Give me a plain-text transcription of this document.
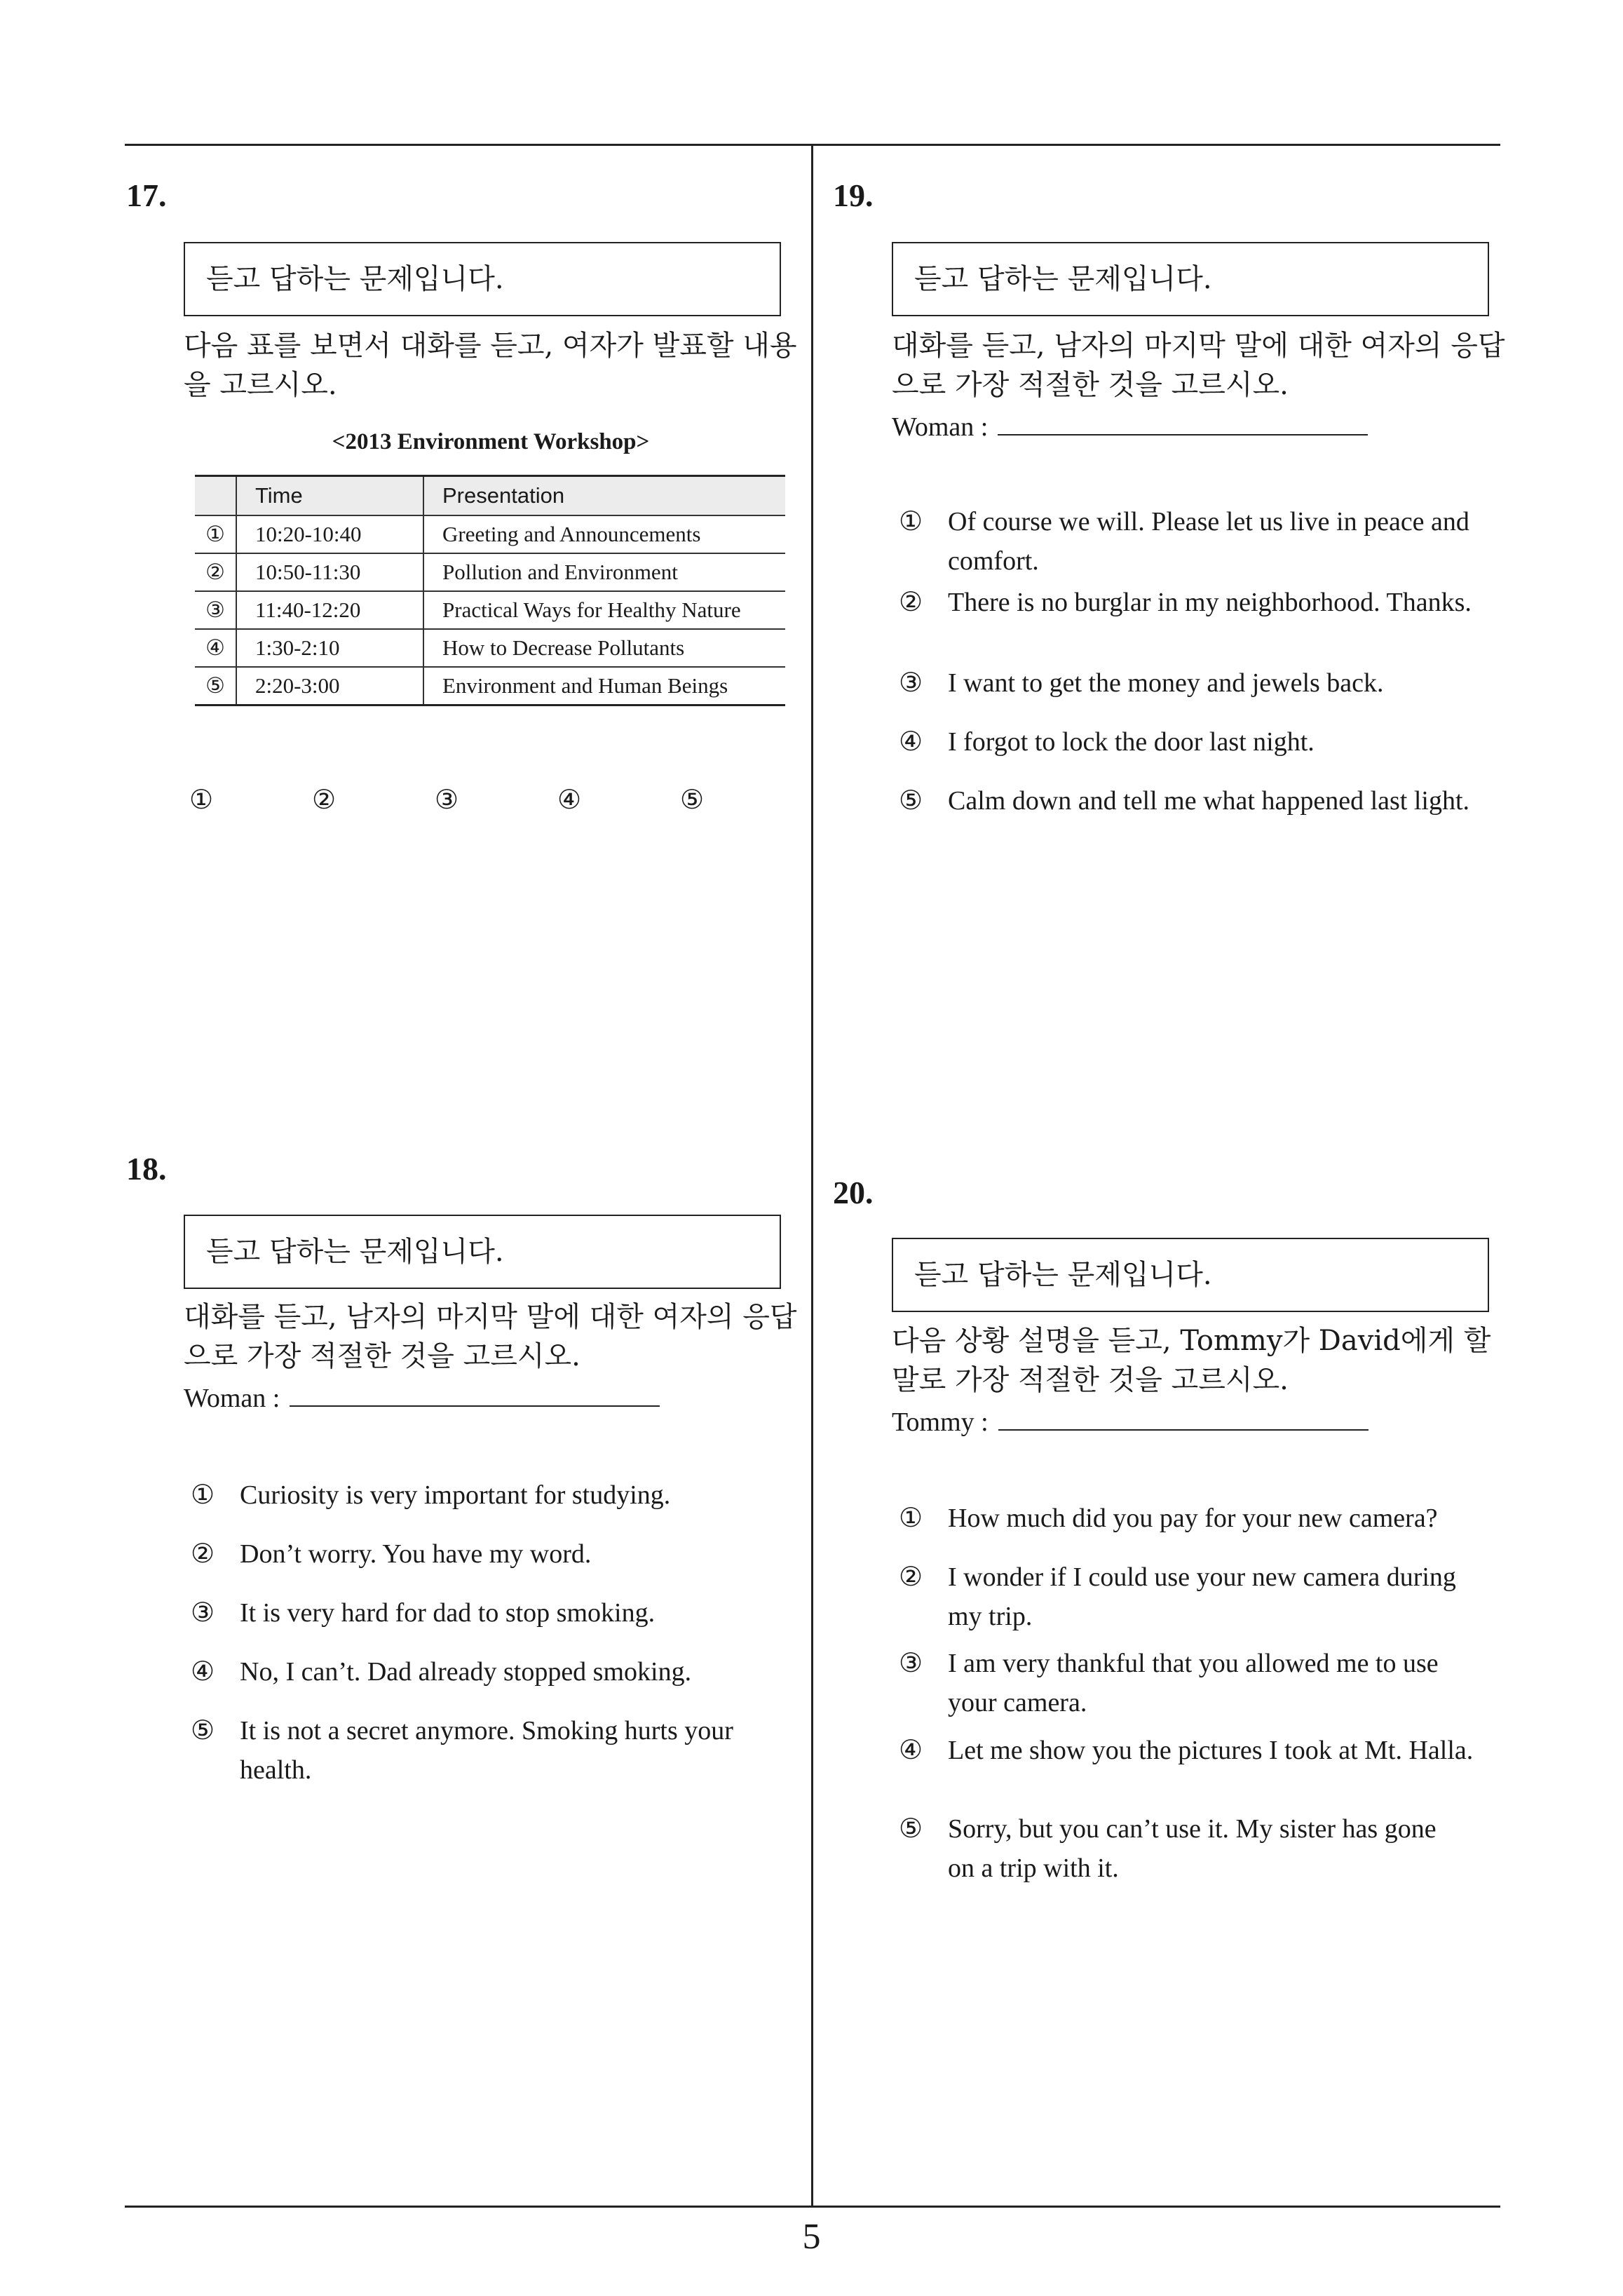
17.
듣고 답하는 문제입니다.
다음 표를 보면서 대화를 듣고, 여자가 발표할 내용을 고르시오.
<2013 Environment Workshop>
	Time	Presentation
①	10:20-10:40	Greeting and Announcements
②	10:50-11:30	Pollution and Environment
③	11:40-12:20	Practical Ways for Healthy Nature
④	1:30-2:10	How to Decrease Pollutants
⑤	2:20-3:00	Environment and Human Beings
①	②	③	④	⑤
18.
듣고 답하는 문제입니다.
대화를 듣고, 남자의 마지막 말에 대한 여자의 응답으로 가장 적절한 것을 고르시오.
Woman :
① Curiosity is very important for studying.
② Don’t worry. You have my word.
③ It is very hard for dad to stop smoking.
④ No, I can’t. Dad already stopped smoking.
⑤ It is not a secret anymore. Smoking hurts your health.
19.
듣고 답하는 문제입니다.
대화를 듣고, 남자의 마지막 말에 대한 여자의 응답으로 가장 적절한 것을 고르시오.
Woman :
① Of course we will. Please let us live in peace and comfort.
② There is no burglar in my neighborhood. Thanks.
③ I want to get the money and jewels back.
④ I forgot to lock the door last night.
⑤ Calm down and tell me what happened last light.
20.
듣고 답하는 문제입니다.
다음 상황 설명을 듣고, Tommy가 David에게 할 말로 가장 적절한 것을 고르시오.
Tommy :
① How much did you pay for your new camera?
② I wonder if I could use your new camera during my trip.
③ I am very thankful that you allowed me to use your camera.
④ Let me show you the pictures I took at Mt. Halla.
⑤ Sorry, but you can’t use it. My sister has gone on a trip with it.
5
